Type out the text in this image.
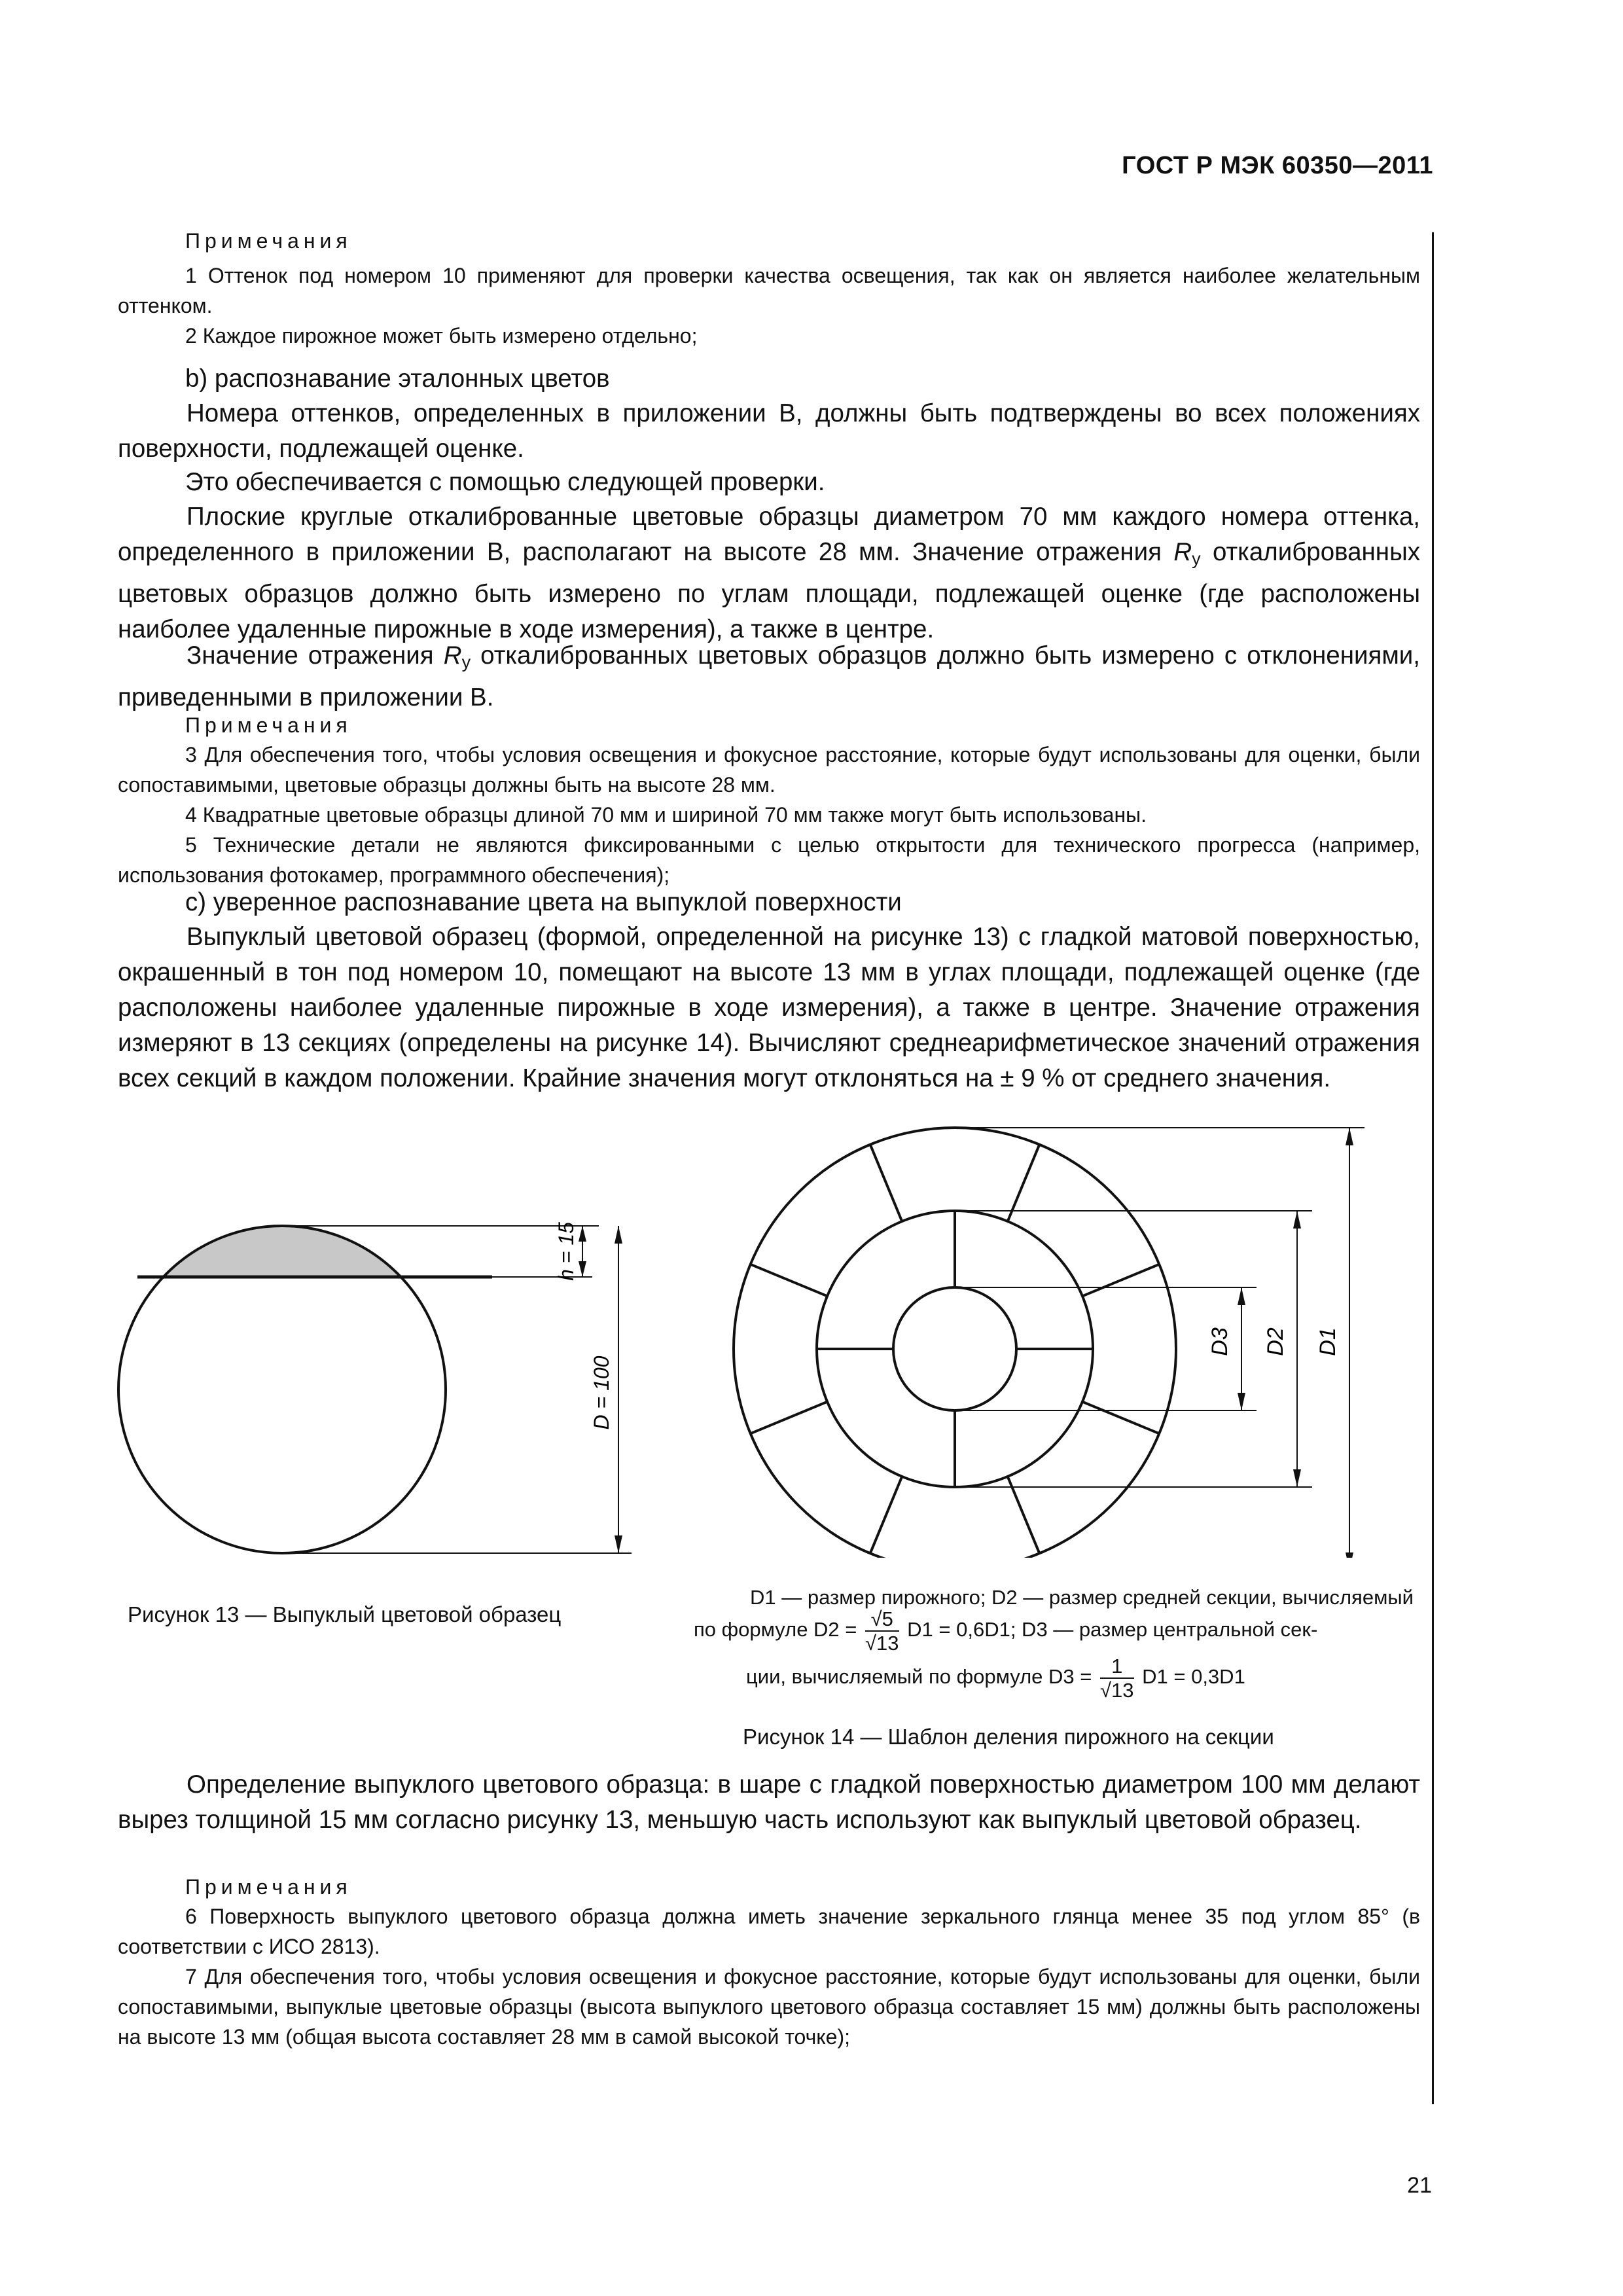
ГОСТ Р МЭК 60350—2011
Примечания
1 Оттенок под номером 10 применяют для проверки качества освещения, так как он является наиболее желательным оттенком.
2 Каждое пирожное может быть измерено отдельно;
b) распознавание эталонных цветов
Номера оттенков, определенных в приложении В, должны быть подтверждены во всех положениях поверхности, подлежащей оценке.
Это обеспечивается с помощью следующей проверки.
Плоские круглые откалиброванные цветовые образцы диаметром 70 мм каждого номера оттенка, определенного в приложении В, располагают на высоте 28 мм. Значение отражения $R_y$ откалиброванных цветовых образцов должно быть измерено по углам площади, подлежащей оценке (где расположены наиболее удаленные пирожные в ходе измерения), а также в центре.
Значение отражения $R_y$ откалиброванных цветовых образцов должно быть измерено с отклонениями, приведенными в приложении В.
Примечания
3 Для обеспечения того, чтобы условия освещения и фокусное расстояние, которые будут использованы для оценки, были сопоставимыми, цветовые образцы должны быть на высоте 28 мм.
4 Квадратные цветовые образцы длиной 70 мм и шириной 70 мм также могут быть использованы.
5 Технические детали не являются фиксированными с целью открытости для технического прогресса (например, использования фотокамер, программного обеспечения);
c) уверенное распознавание цвета на выпуклой поверхности
Выпуклый цветовой образец (формой, определенной на рисунке 13) с гладкой матовой поверхностью, окрашенный в тон под номером 10, помещают на высоте 13 мм в углах площади, подлежащей оценке (где расположены наиболее удаленные пирожные в ходе измерения), а также в центре. Значение отражения измеряют в 13 секциях (определены на рисунке 14). Вычисляют среднеарифметическое значений отражения всех секций в каждом положении. Крайние значения могут отклоняться на ± 9 % от среднего значения.
h = 15
D = 100
Рисунок 13 — Выпуклый цветовой образец
D1
D2
D3
D1 — размер пирожного; D2 — размер средней секции, вычисляемый
по формуле $D2 = \frac{√5}{√13} D1 = 0,6D1$; D3 — размер центральной сек-
ции, вычисляемый по формуле $D3 = \frac{1}{√13} D1 = 0,3D1$
Рисунок 14 — Шаблон деления пирожного на секции
Определение выпуклого цветового образца: в шаре с гладкой поверхностью диаметром 100 мм делают вырез толщиной 15 мм согласно рисунку 13, меньшую часть используют как выпуклый цветовой образец.
Примечания
6 Поверхность выпуклого цветового образца должна иметь значение зеркального глянца менее 35 под углом 85° (в соответствии с ИСО 2813).
7 Для обеспечения того, чтобы условия освещения и фокусное расстояние, которые будут использованы для оценки, были сопоставимыми, выпуклые цветовые образцы (высота выпуклого цветового образца составляет 15 мм) должны быть расположены на высоте 13 мм (общая высота составляет 28 мм в самой высокой точке);
21
